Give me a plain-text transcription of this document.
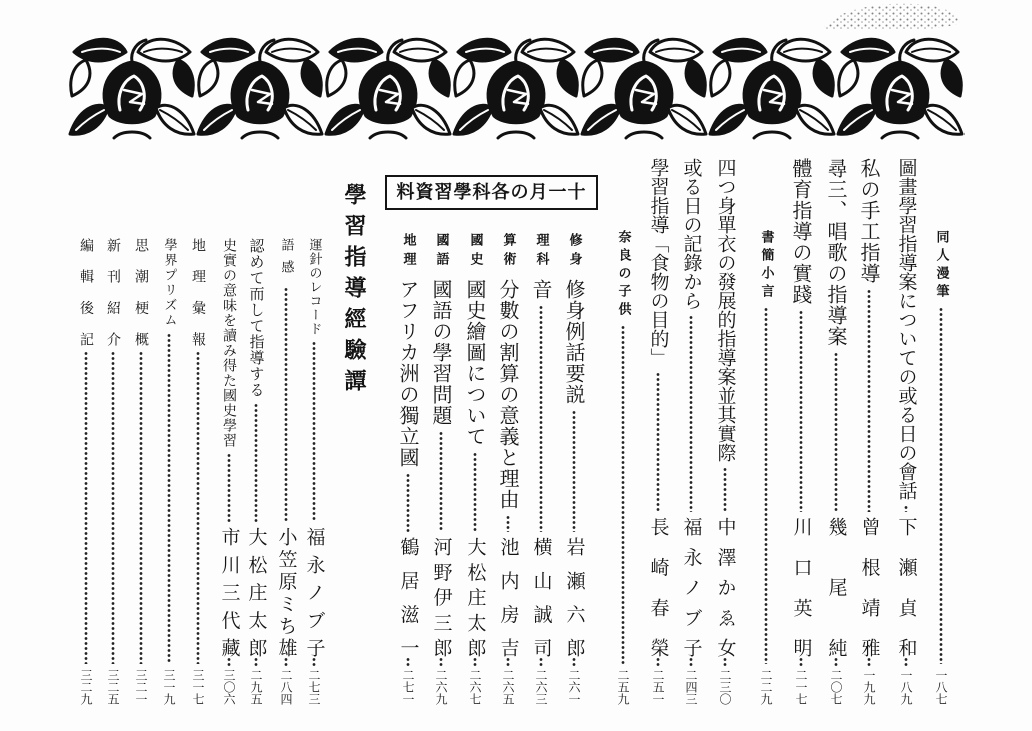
同人漫筆
一八七
圖畫學習指導案についての或る日の會話
下瀬貞和
一八九
私の手工指導
曾根靖雅
一九九
尋三、唱歌の指導案
幾尾純
二〇七
體育指導の實踐
川口英明
二一七
書簡小言
二二九
四つ身單衣の發展的指導案並其實際
中澤かゑ女
二三〇
或る日の記錄から
福永ノブ子
二四三
學習指導「食物の目的」
長崎春榮
二五一
奈良の子供
二五九
十一月の各科學習資料
修身
修身例話要説
岩瀬六郎
二六一
理科
音
横山誠司
二六三
算術
分數の割算の意義と理由
池内房吉
二六五
國史
國史繪圖について
大松庄太郎
二六七
國語
國語の學習問題
河野伊三郎
二六九
地理
アフリカ洲の獨立國
鶴居滋一
二七一
學習指導經驗譚
運針のレコード
福永ノブ子
二七三
語感
小笠原ミち雄
二八四
認めて而して指導する
大松庄太郎
二九五
史實の意味を讀み得た國史學習
市川三代藏
三〇六
地理彙報
三一七
學界プリズム
三一九
思潮梗概
三二一
新刊紹介
三二五
編輯後記
三二九
